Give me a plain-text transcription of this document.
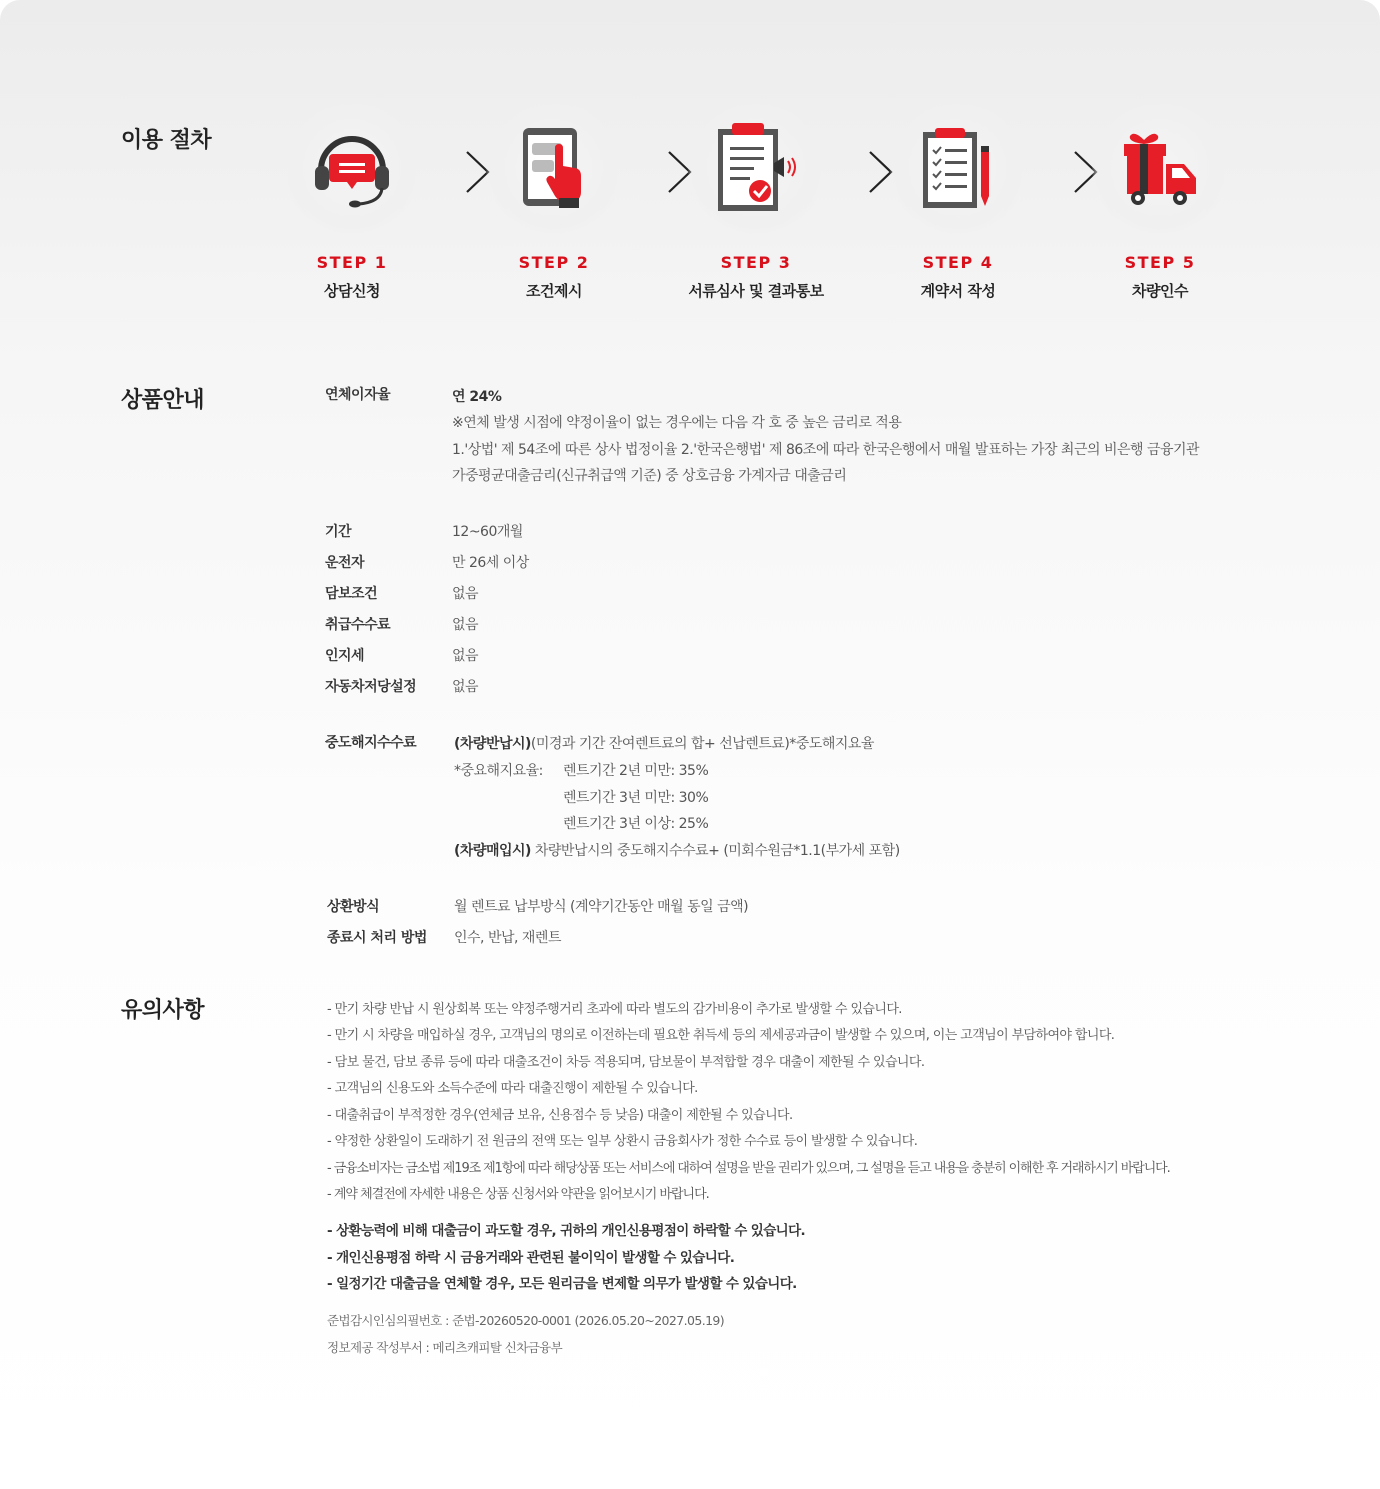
이용 절차
STEP 1
상담신청
STEP 2
조건제시
STEP 3
서류심사 및 결과통보
STEP 4
계약서 작성
STEP 5
차량인수
상품안내	연체이자율	연 24%
※연체 발생 시점에 약정이율이 없는 경우에는 다음 각 호 중 높은 금리로 적용
1.'상법' 제 54조에 따른 상사 법정이율 2.'한국은행법' 제 86조에 따라 한국은행에서 매월 발표하는 가장 최근의 비은행 금융기관
가중평균대출금리(신규취급액 기준) 중 상호금융 가계자금 대출금리
기간	12~60개월
운전자	만 26세 이상
담보조건	없음
취급수수료	없음
인지세	없음
자동차저당설정	없음
중도해지수수료	(차량반납시)(미경과 기간 잔여렌트료의 합+ 선납렌트료)*중도해지요율
*중요해지요율: 렌트기간 2년 미만: 35%
렌트기간 3년 미만: 30%
렌트기간 3년 이상: 25%
(차량매입시) 차량반납시의 중도해지수수료+ (미회수원금*1.1(부가세 포함)
상환방식	월 렌트료 납부방식 (계약기간동안 매월 동일 금액)
종료시 처리 방법	인수, 반납, 재렌트
유의사항	- 만기 차량 반납 시 원상회복 또는 약정주행거리 초과에 따라 별도의 감가비용이 추가로 발생할 수 있습니다.
- 만기 시 차량을 매입하실 경우, 고객님의 명의로 이전하는데 필요한 취득세 등의 제세공과금이 발생할 수 있으며, 이는 고객님이 부담하여야 합니다.
- 담보 물건, 담보 종류 등에 따라 대출조건이 차등 적용되며, 담보물이 부적합할 경우 대출이 제한될 수 있습니다.
- 고객님의 신용도와 소득수준에 따라 대출진행이 제한될 수 있습니다.
- 대출취급이 부적정한 경우(연체금 보유, 신용점수 등 낮음) 대출이 제한될 수 있습니다.
- 약정한 상환일이 도래하기 전 원금의 전액 또는 일부 상환시 금융회사가 정한 수수료 등이 발생할 수 있습니다.
- 금융소비자는 금소법 제19조 제1항에 따라 해당상품 또는 서비스에 대하여 설명을 받을 권리가 있으며, 그 설명을 듣고 내용을 충분히 이해한 후 거래하시기 바랍니다.
- 계약 체결전에 자세한 내용은 상품 신청서와 약관을 읽어보시기 바랍니다.
- 상환능력에 비해 대출금이 과도할 경우, 귀하의 개인신용평점이 하락할 수 있습니다.
- 개인신용평점 하락 시 금융거래와 관련된 불이익이 발생할 수 있습니다.
- 일정기간 대출금을 연체할 경우, 모든 원리금을 변제할 의무가 발생할 수 있습니다.
준법감시인심의필번호 : 준법-20260520-0001 (2026.05.20~2027.05.19)
정보제공 작성부서 : 메리츠캐피탈 신차금융부
